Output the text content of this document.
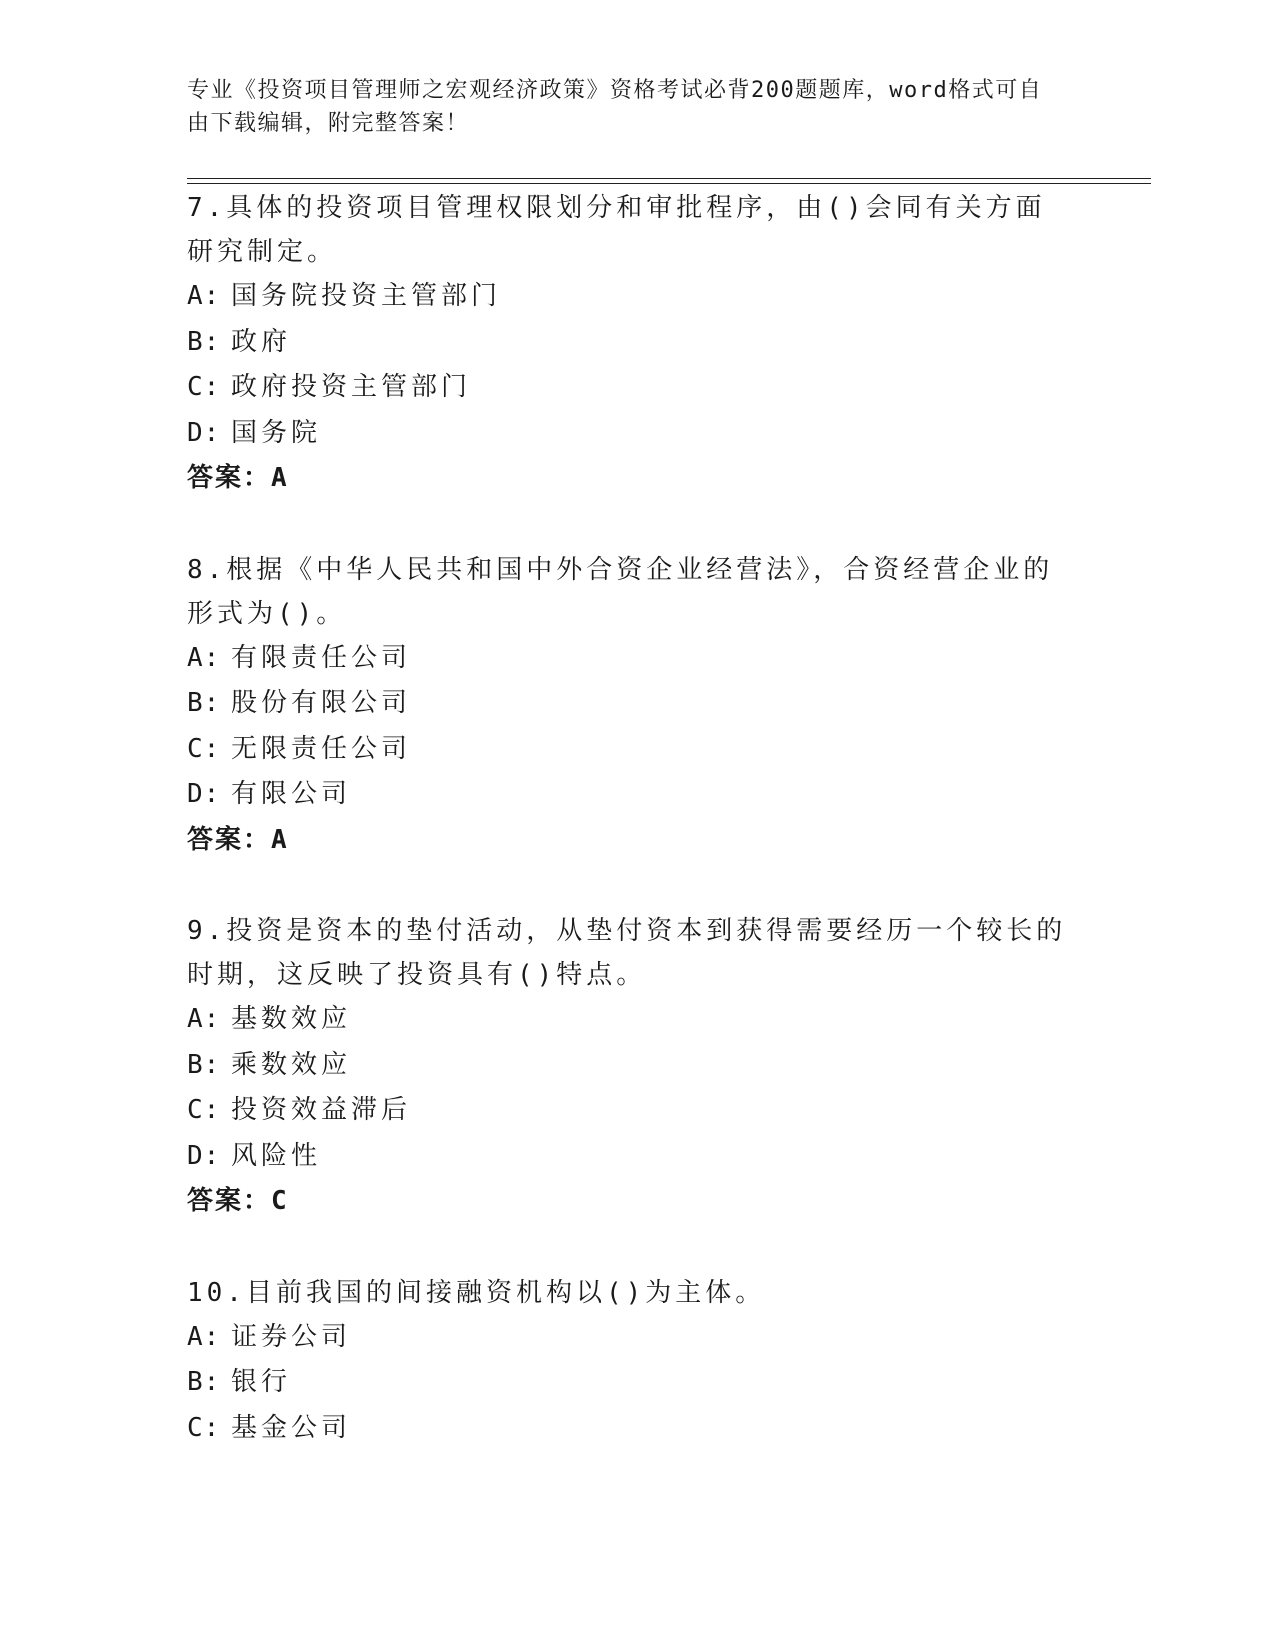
专业《投资项目管理师之宏观经济政策》资格考试必背200题题库，word格式可自由下载编辑，附完整答案！

7.具体的投资项目管理权限划分和审批程序，由()会同有关方面研究制定。

A: 国务院投资主管部门

B: 政府

C: 政府投资主管部门

D: 国务院

答案：A

8.根据《中华人民共和国中外合资企业经营法》，合资经营企业的形式为()。

A: 有限责任公司

B: 股份有限公司

C: 无限责任公司

D: 有限公司

答案：A

9.投资是资本的垫付活动，从垫付资本到获得需要经历一个较长的时期，这反映了投资具有()特点。

A: 基数效应

B: 乘数效应

C: 投资效益滞后

D: 风险性

答案：C

10.目前我国的间接融资机构以()为主体。

A: 证券公司

B: 银行

C: 基金公司
